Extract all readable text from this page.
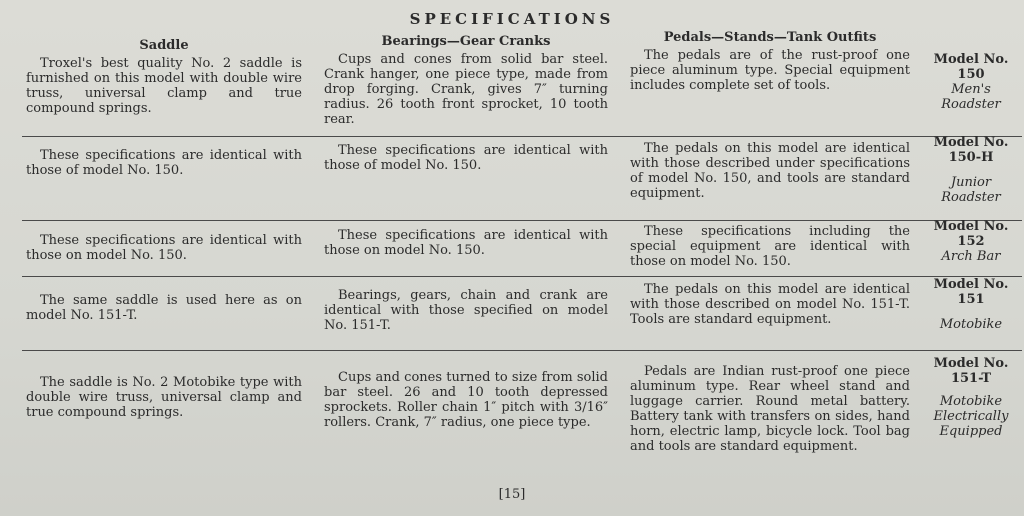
SPECIFICATIONS
Saddle	Bearings—Gear Cranks	Pedals—Stands—Tank Outfits
Troxel's best quality No. 2 saddle is furnished on this model with double wire truss, universal clamp and true compound springs.
Cups and cones from solid bar steel. Crank hanger, one piece type, made from drop forging. Crank, gives 7″ turning radius. 26 tooth front sprocket, 10 tooth rear.
The pedals are of the rust-proof one piece aluminum type. Special equipment includes complete set of tools.
Model No.
150
Men's Roadster
These specifications are identical with those of model No. 150.
These specifications are identical with those of model No. 150.
The pedals on this model are identical with those described under specifications of model No. 150, and tools are standard equipment.
Model No.
150-H
Junior Roadster
These specifications are identical with those on model No. 150.
These specifications are identical with those on model No. 150.
These specifications including the special equipment are identical with those on model No. 150.
Model No.
152
Arch Bar
The same saddle is used here as on model No. 151-T.
Bearings, gears, chain and crank are identical with those specified on model No. 151-T.
The pedals on this model are identical with those described on model No. 151-T. Tools are standard equipment.
Model No.
151
Motobike
The saddle is No. 2 Motobike type with double wire truss, universal clamp and true compound springs.
Cups and cones turned to size from solid bar steel. 26 and 10 tooth depressed sprockets. Roller chain 1″ pitch with 3/16″ rollers. Crank, 7″ radius, one piece type.
Pedals are Indian rust-proof one piece aluminum type. Rear wheel stand and luggage carrier. Round metal battery. Battery tank with transfers on sides, hand horn, electric lamp, bicycle lock. Tool bag and tools are standard equipment.
Model No.
151-T
Motobike Electrically Equipped
[15]
